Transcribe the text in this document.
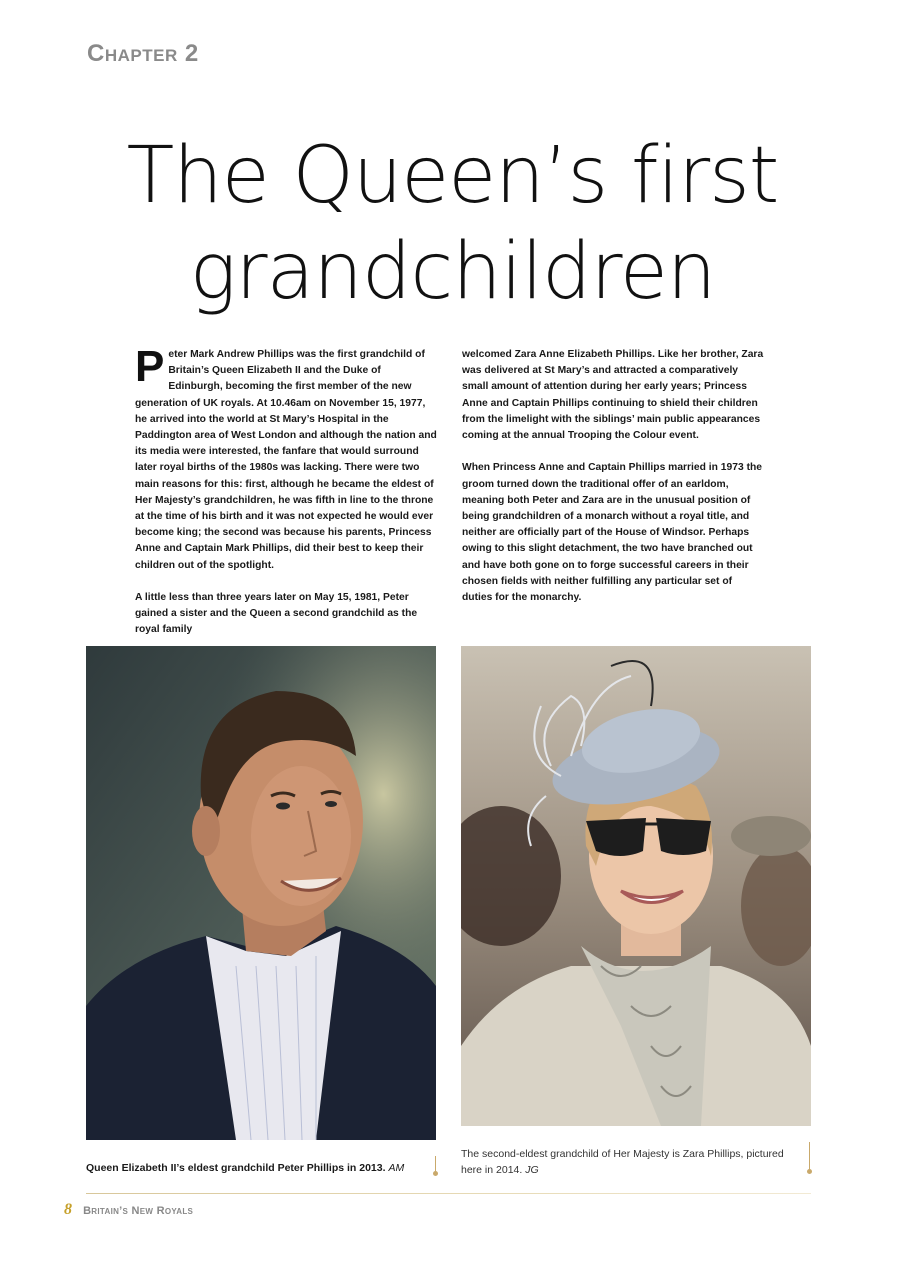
Chapter 2
The Queen’s first
grandchildren

Peter Mark Andrew Phillips was the first grandchild of Britain’s Queen Elizabeth II and the Duke of Edinburgh, becoming the first member of the new generation of UK royals. At 10.46am on November 15, 1977, he arrived into the world at St Mary’s Hospital in the Paddington area of West London and although the nation and its media were interested, the fanfare that would surround later royal births of the 1980s was lacking. There were two main reasons for this: first, although he became the eldest of Her Majesty’s grandchildren, he was fifth in line to the throne at the time of his birth and it was not expected he would ever become king; the second was because his parents, Princess Anne and Captain Mark Phillips, did their best to keep their children out of the spotlight.

A little less than three years later on May 15, 1981, Peter gained a sister and the Queen a second grandchild as the royal family

welcomed Zara Anne Elizabeth Phillips. Like her brother, Zara was delivered at St Mary’s and attracted a comparatively small amount of attention during her early years; Princess Anne and Captain Phillips continuing to shield their children from the limelight with the siblings’ main public appearances coming at the annual Trooping the Colour event.

When Princess Anne and Captain Phillips married in 1973 the groom turned down the traditional offer of an earldom, meaning both Peter and Zara are in the unusual position of being grandchildren of a monarch without a royal title, and neither are officially part of the House of Windsor. Perhaps owing to this slight detachment, the two have branched out and have both gone on to forge successful careers in their chosen fields with neither fulfilling any particular set of duties for the monarchy.

Queen Elizabeth II’s eldest grandchild Peter Phillips in 2013. AM
The second-eldest grandchild of Her Majesty is Zara Phillips, pictured here in 2014. JG
8 Britain’s New Royals
